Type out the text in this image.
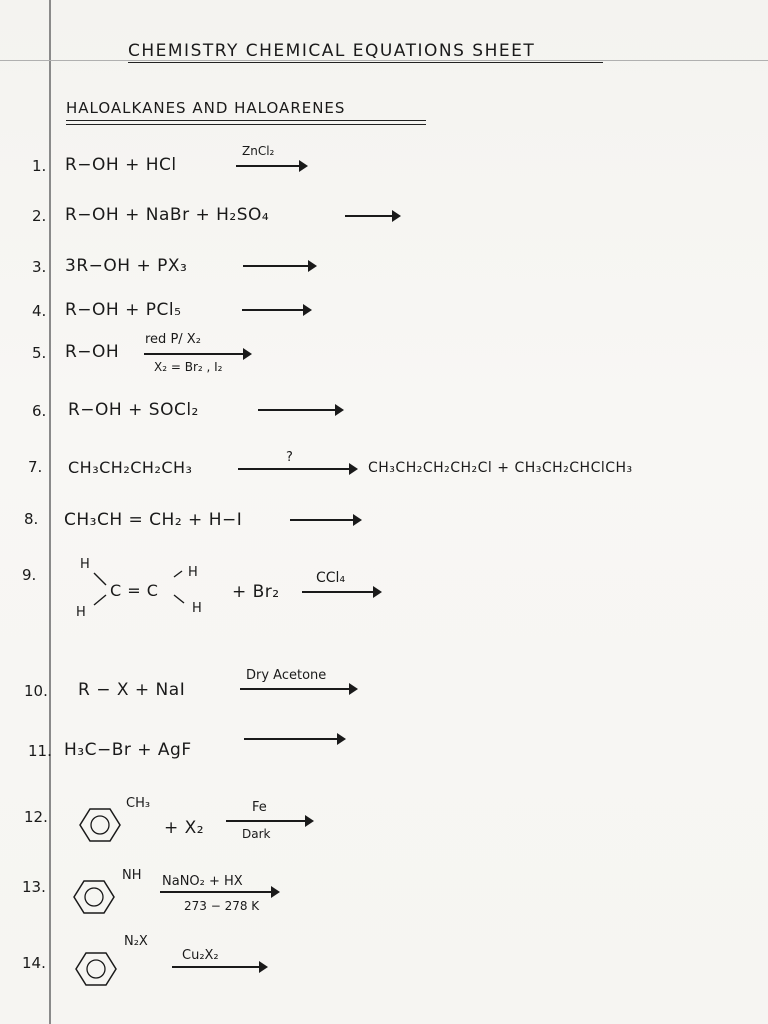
CHEMISTRY CHEMICAL EQUATIONS SHEET
HALOALKANES AND HALOARENES
1. R−OH + HCl
ZnCl₂
2. R−OH + NaBr + H₂SO₄
3. 3R−OH + PX₃
4. R−OH + PCl₅
5. R−OH
red P/ X₂
X₂ = Br₂ , I₂
6. R−OH + SOCl₂
7. CH₃CH₂CH₂CH₃
?
CH₃CH₂CH₂CH₂Cl + CH₃CH₂CHClCH₃
8. CH₃CH = CH₂ + H−I
9.
H
H
H	H
C = C	+ Br₂
CCl₄
10. R − X + NaI
Dry Acetone
11. H₃C−Br + AgF
12.
CH₃
+ X₂
Fe
Dark
13.
NH NaNO₂ + HX
273 − 278 K
14.
N₂X
Cu₂X₂
